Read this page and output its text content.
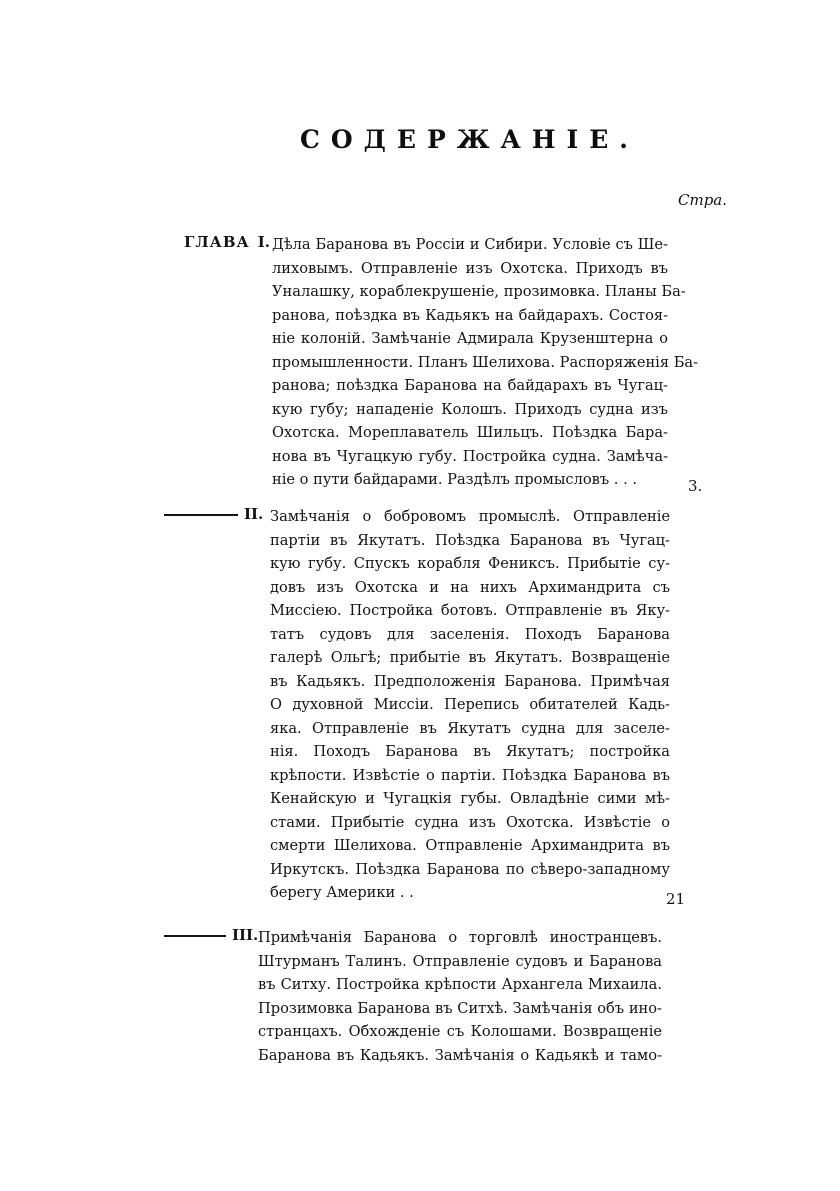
СОДЕРЖАНІЕ.
Стра.
ГЛАВА I. Дѣла Баранова въ Россіи и Сибири. Условіе съ Ше-
лиховымъ. Отправленіе изъ Охотска. Приходъ въ
Уналашку, кораблекрушеніе, прозимовка. Планы Ба-
ранова, поѣздка въ Кадьякъ на байдарахъ. Состоя-
ніе колоній. Замѣчаніе Адмирала Крузенштерна о
промышленности. Планъ Шелихова. Распоряженія Ба-
ранова; поѣздка Баранова на байдарахъ въ Чугац-
кую губу; нападеніе Колошъ. Приходъ судна изъ
Охотска. Мореплаватель Шильцъ. Поѣздка Бара-
нова въ Чугацкую губу. Постройка судна. Замѣча-
ніе о пути байдарами. Раздѣлъ промысловъ . . .	3.
II. Замѣчанія о бобровомъ промыслѣ. Отправленіе
партіи въ Якутатъ. Поѣздка Баранова въ Чугац-
кую губу. Спускъ корабля Фениксъ. Прибытіе су-
довъ изъ Охотска и на нихъ Архимандрита съ
Миссіею. Постройка ботовъ. Отправленіе въ Яку-
татъ судовъ для заселенія. Походъ Баранова
галерѣ Ольгѣ; прибытіе въ Якутатъ. Возвращеніе
въ Кадьякъ. Предположенія Баранова. Примѣчая
О духовной Миссіи. Перепись обитателей Кадь-
яка. Отправленіе въ Якутатъ судна для заселе-
нія. Походъ Баранова въ Якутатъ; постройка
крѣпости. Извѣстіе о партіи. Поѣздка Баранова въ
Кенайскую и Чугацкія губы. Овладѣніе сими мѣ-
стами. Прибытіе судна изъ Охотска. Извѣстіе о
смерти Шелихова. Отправленіе Архимандрита въ
Иркутскъ. Поѣздка Баранова по сѣверо-западному
берегу Америки . .	21
III. Примѣчанія Баранова о торговлѣ иностранцевъ.
Штурманъ Талинъ. Отправленіе судовъ и Баранова
въ Ситху. Постройка крѣпости Архангела Михаила.
Прозимовка Баранова въ Ситхѣ. Замѣчанія объ ино-
странцахъ. Обхожденіе съ Колошами. Возвращеніе
Баранова въ Кадьякъ. Замѣчанія о Кадьякѣ и тамо-
